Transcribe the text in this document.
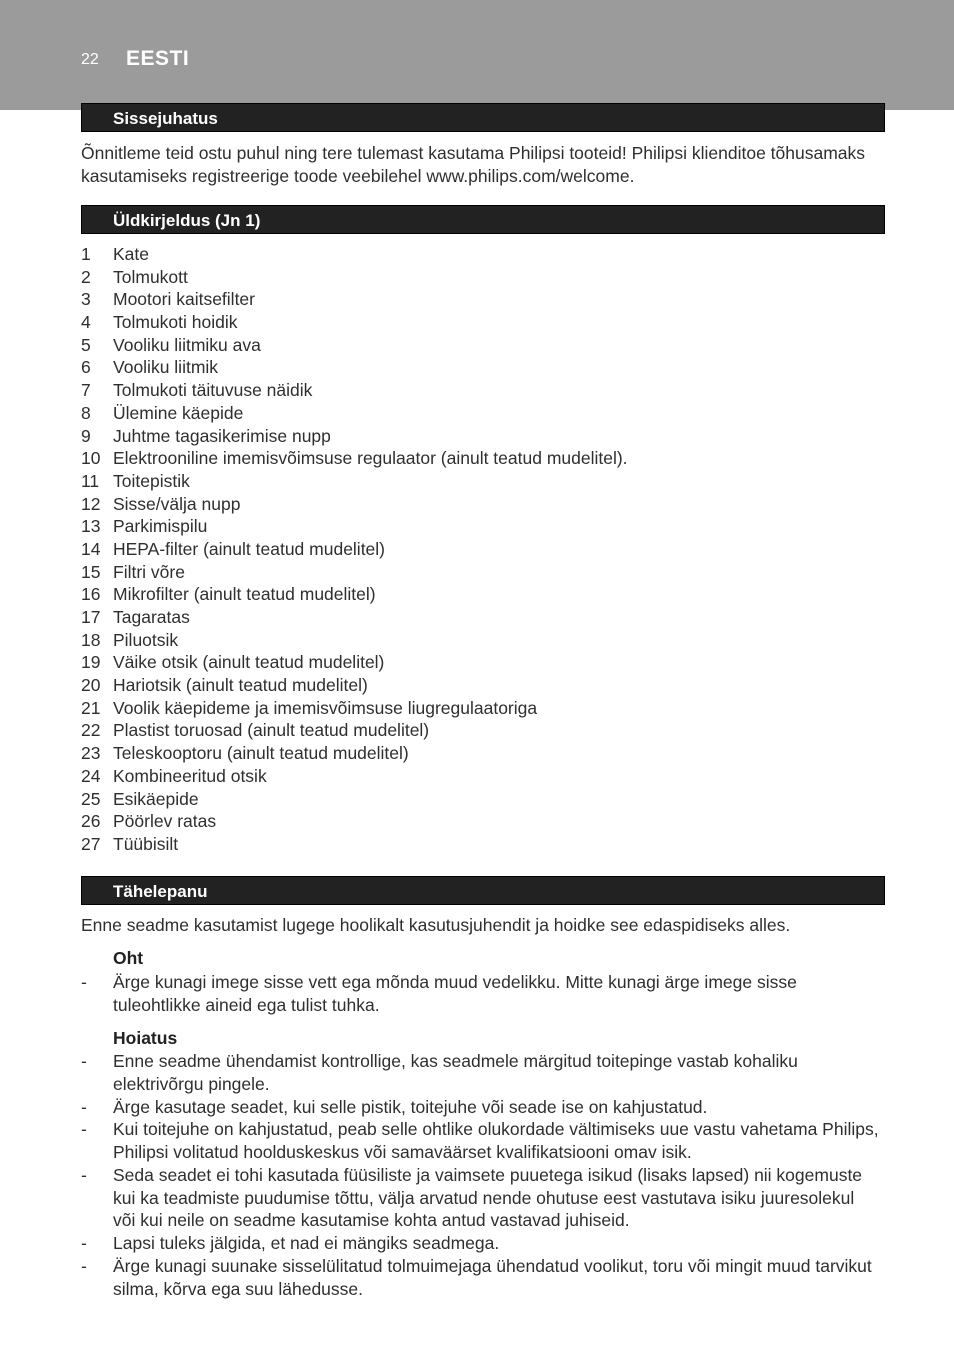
22 EESTI
Sissejuhatus
Õnnitleme teid ostu puhul ning tere tulemast kasutama Philipsi tooteid! Philipsi klienditoe tõhusamaks kasutamiseks registreerige toode veebilehel www.philips.com/welcome.
Üldkirjeldus (Jn 1)
1	Kate
2	Tolmukott
3	Mootori kaitsefilter
4	Tolmukoti hoidik
5	Vooliku liitmiku ava
6	Vooliku liitmik
7	Tolmukoti täituvuse näidik
8	Ülemine käepide
9	Juhtme tagasikerimise nupp
10 Elektrooniline imemisvõimsuse regulaator (ainult teatud mudelitel).
11 Toitepistik
12 Sisse/välja nupp
13 Parkimispilu
14 HEPA-filter (ainult teatud mudelitel)
15 Filtri võre
16 Mikrofilter (ainult teatud mudelitel)
17 Tagaratas
18 Piluotsik
19 Väike otsik (ainult teatud mudelitel)
20 Hariotsik (ainult teatud mudelitel)
21 Voolik käepideme ja imemisvõimsuse liugregulaatoriga
22 Plastist toruosad (ainult teatud mudelitel)
23 Teleskooptoru (ainult teatud mudelitel)
24 Kombineeritud otsik
25 Esikäepide
26 Pöörlev ratas
27 Tüübisilt
Tähelepanu
Enne seadme kasutamist lugege hoolikalt kasutusjuhendit ja hoidke see edaspidiseks alles.
Oht
- Ärge kunagi imege sisse vett ega mõnda muud vedelikku. Mitte kunagi ärge imege sisse tuleohtlikke aineid ega tulist tuhka.
Hoiatus
- Enne seadme ühendamist kontrollige, kas seadmele märgitud toitepinge vastab kohaliku elektrivõrgu pingele.
- Ärge kasutage seadet, kui selle pistik, toitejuhe või seade ise on kahjustatud.
- Kui toitejuhe on kahjustatud, peab selle ohtlike olukordade vältimiseks uue vastu vahetama Philips, Philipsi volitatud hoolduskeskus või samaväärset kvalifikatsiooni omav isik.
- Seda seadet ei tohi kasutada füüsiliste ja vaimsete puuetega isikud (lisaks lapsed) nii kogemuste kui ka teadmiste puudumise tõttu, välja arvatud nende ohutuse eest vastutava isiku juuresolekul või kui neile on seadme kasutamise kohta antud vastavad juhiseid.
- Lapsi tuleks jälgida, et nad ei mängiks seadmega.
- Ärge kunagi suunake sisselülitatud tolmuimejaga ühendatud voolikut, toru või mingit muud tarvikut silma, kõrva ega suu lähedusse.
